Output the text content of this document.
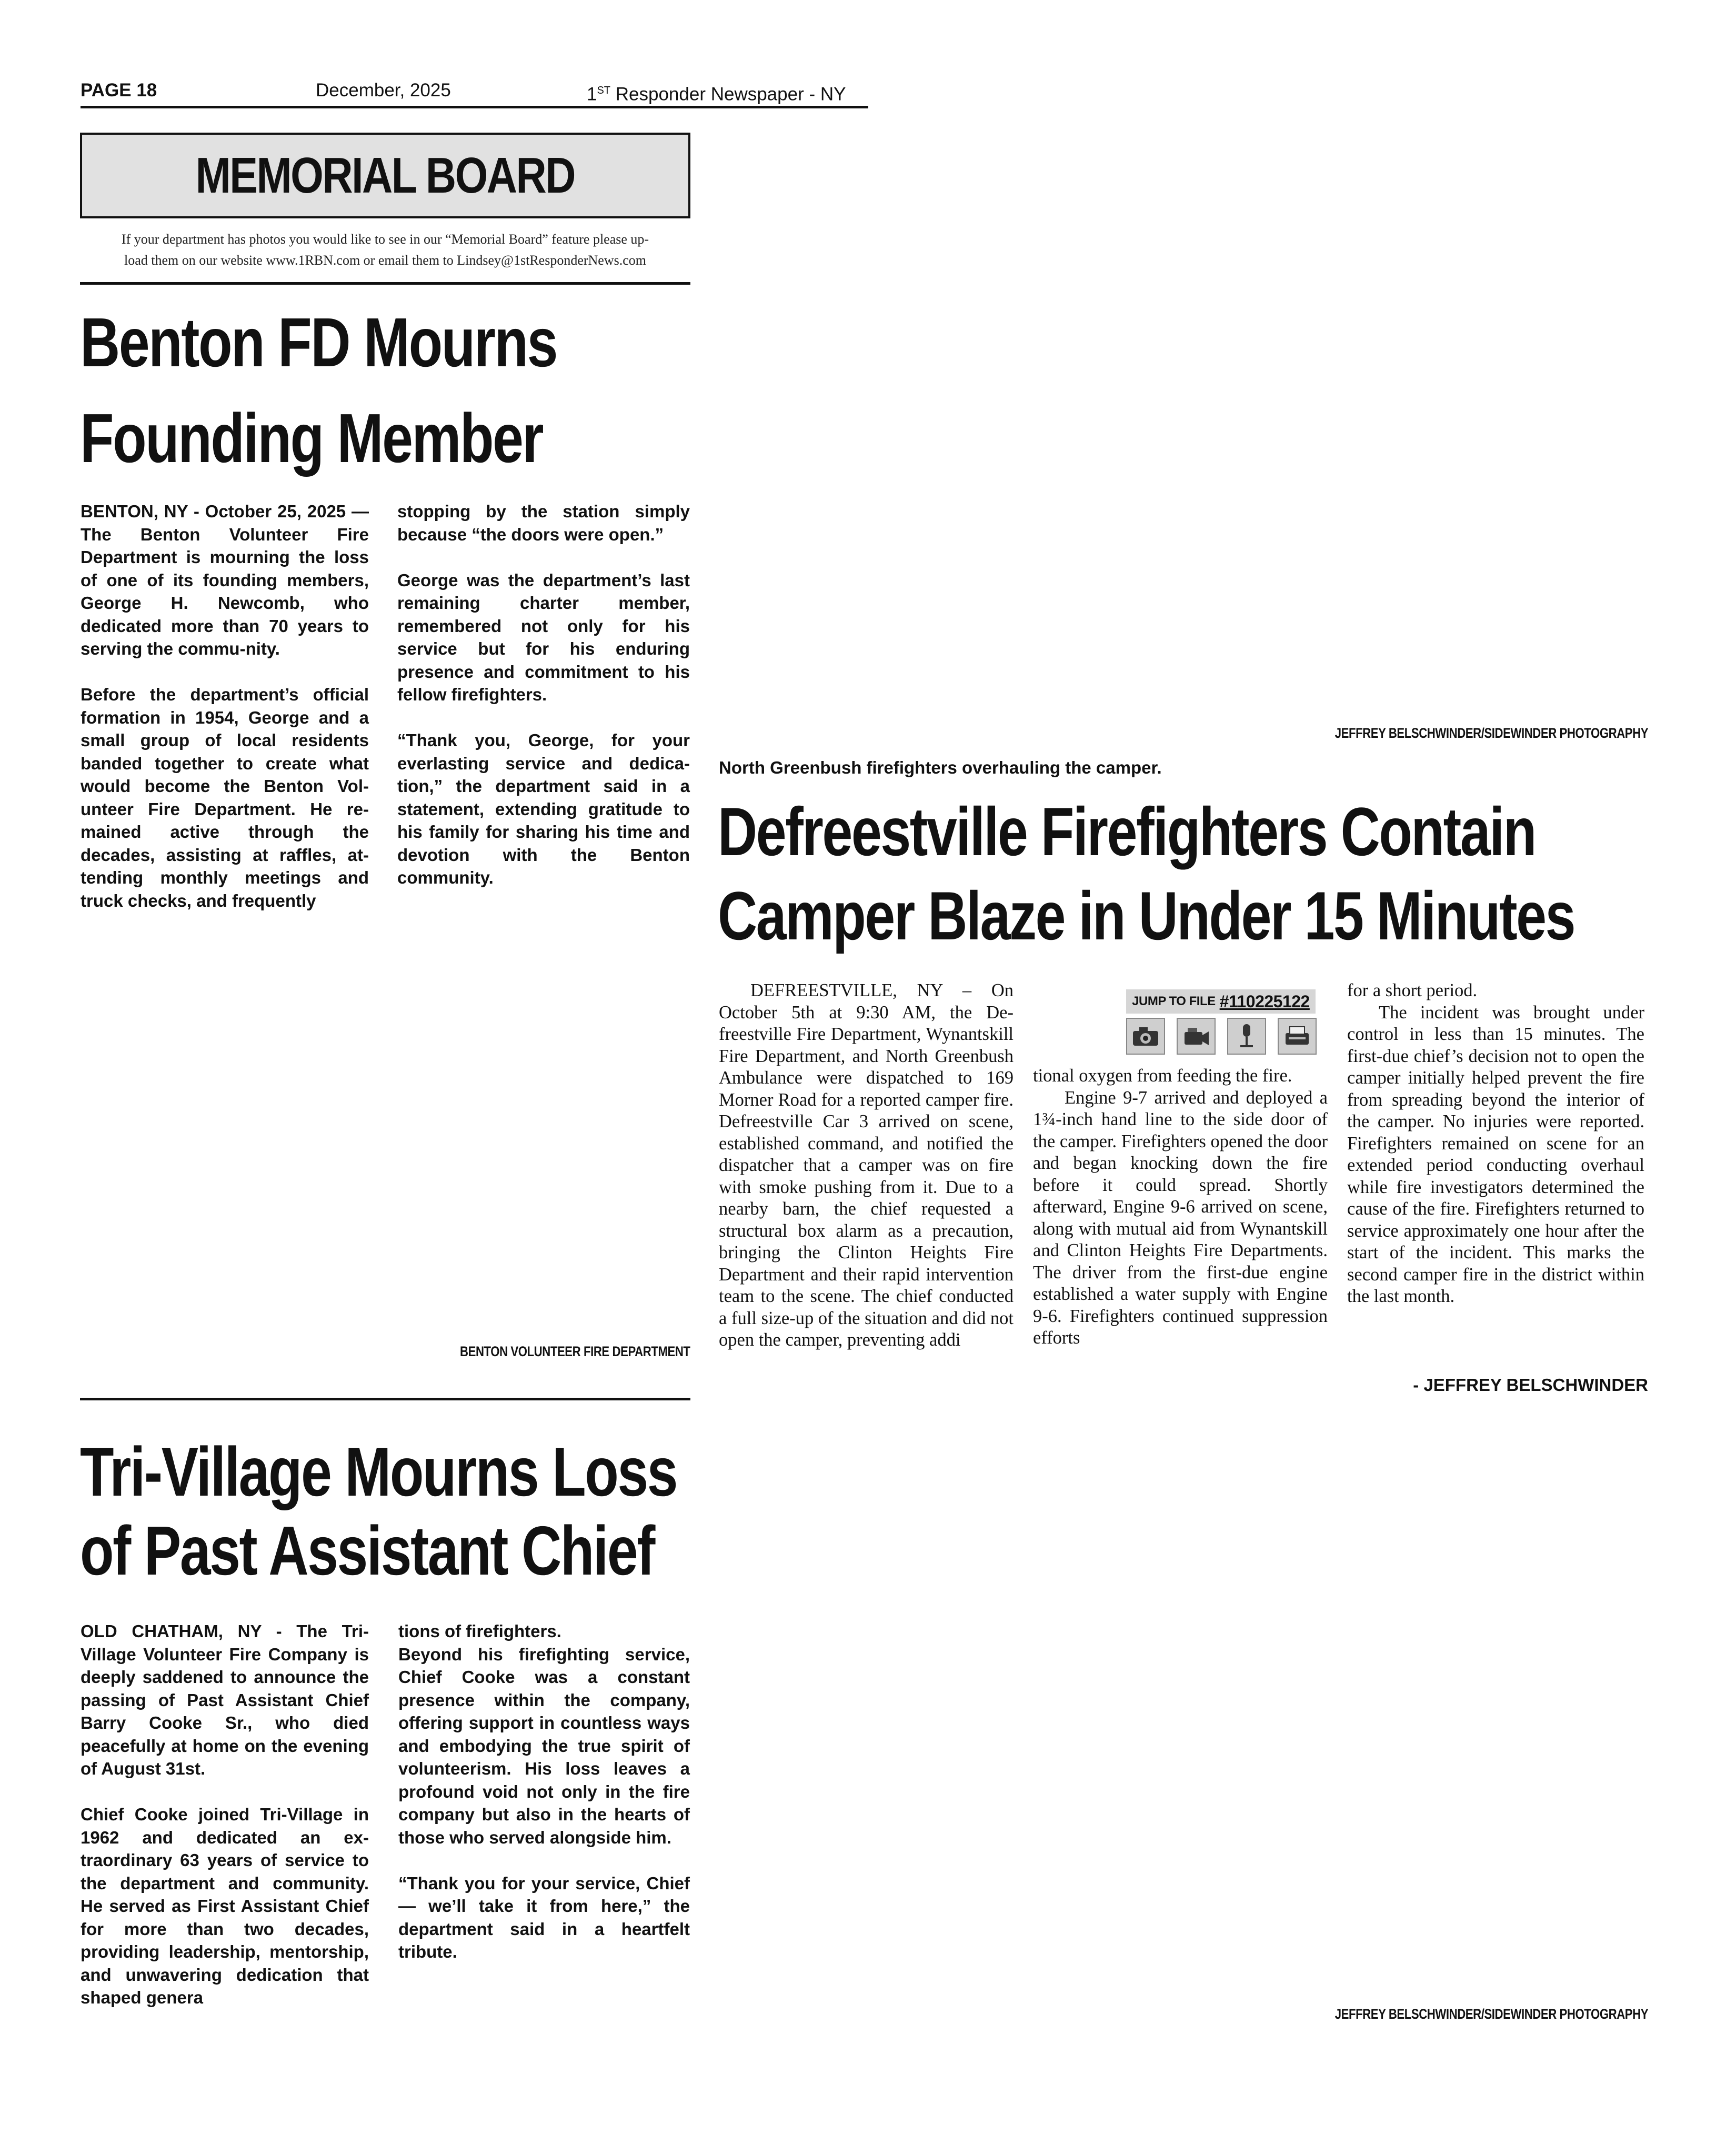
PAGE 18	December, 2025	1ST Responder Newspaper - NY
MEMORIAL BOARD
If your department has photos you would like to see in our “Memorial Board” feature please up-
load them on our website www.1RBN.com or email them to Lindsey@1stResponderNews.com
Benton FD Mourns
Founding Member

BENTON, NY - October 25, 2025 — The Benton Volunteer Fire Department is mourning the loss of one of its founding members, George H. Newcomb, who dedicated more than 70 years to serving the commu-nity.

Before the department’s official formation in 1954, George and a small group of local residents banded together to create what would become the Benton Volunteer Fire Department. He remained active through the decades, assisting at raffles, attending monthly meetings and truck checks, and frequently

stopping by the station simply because “the doors were open.”

George was the department’s last remaining charter member, remembered not only for his service but for his enduring presence and commitment to his fellow firefighters.

“Thank you, George, for your everlasting service and dedication,” the department said in a statement, extending gratitude to his family for sharing his time and devotion with the Benton community.

BENTON VOLUNTEER FIRE DEPARTMENT
Tri-Village Mourns Loss
of Past Assistant Chief

OLD CHATHAM, NY - The Tri-Village Volunteer Fire Company is deeply saddened to announce the passing of Past Assistant Chief Barry Cooke Sr., who died peacefully at home on the evening of August 31st.

Chief Cooke joined Tri-Village in 1962 and dedicated an extraordinary 63 years of service to the department and community. He served as First Assistant Chief for more than two decades, providing leadership, mentorship, and unwavering dedication that shaped genera

tions of firefighters.
Beyond his firefighting service, Chief Cooke was a constant presence within the company, offering support in countless ways and embodying the true spirit of volunteerism. His loss leaves a profound void not only in the fire company but also in the hearts of those who served alongside him.

“Thank you for your service, Chief — we’ll take it from here,” the department said in a heartfelt tribute.

JEFFREY BELSCHWINDER/SIDEWINDER PHOTOGRAPHY
JEFFREY BELSCHWINDER/SIDEWINDER PHOTOGRAPHY
North Greenbush firefighters overhauling the camper.
Defreestville Firefighters Contain
Camper Blaze in Under 15 Minutes

DEFREESTVILLE, NY – On October 5th at 9:30 AM, the Defreestville Fire Department, Wynantskill Fire Department, and North Greenbush Ambulance were dispatched to 169 Morner Road for a reported camper fire. Defreestville Car 3 arrived on scene, established command, and notified the dispatcher that a camper was on fire with smoke pushing from it. Due to a nearby barn, the chief requested a structural box alarm as a precaution, bringing the Clinton Heights Fire Department and their rapid intervention team to the scene. The chief conducted a full size-up of the situation and did not open the camper, preventing addi

JUMP TO FILE #110225122

tional oxygen from feeding the fire.

Engine 9-7 arrived and deployed a 1¾-inch hand line to the side door of the camper. Firefighters opened the door and began knocking down the fire before it could spread. Shortly afterward, Engine 9-6 arrived on scene, along with mutual aid from Wynantskill and Clinton Heights Fire Departments. The driver from the first-due engine established a water supply with Engine 9-6. Firefighters continued suppression efforts

for a short period.

The incident was brought under control in less than 15 minutes. The first-due chief’s decision not to open the camper initially helped prevent the fire from spreading beyond the interior of the camper. No injuries were reported. Firefighters remained on scene for an extended period conducting overhaul while fire investigators determined the cause of the fire. Firefighters returned to service approximately one hour after the start of the incident. This marks the second camper fire in the district within the last month.

- JEFFREY BELSCHWINDER
